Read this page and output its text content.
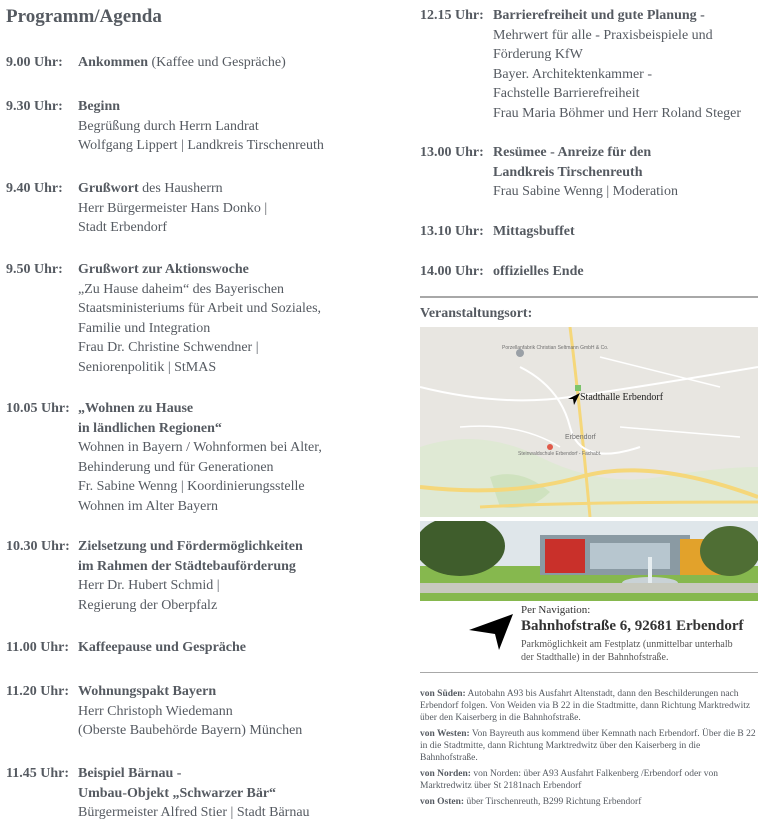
Programm/Agenda
9.00 Uhr: Ankommen (Kaffee und Gespräche)
9.30 Uhr: Beginn
Begrüßung durch Herrn Landrat
Wolfgang Lippert | Landkreis Tirschenreuth
9.40 Uhr: Grußwort des Hausherrn
Herr Bürgermeister Hans Donko |
Stadt Erbendorf
9.50 Uhr: Grußwort zur Aktionswoche
„Zu Hause daheim“ des Bayerischen
Staatsministeriums für Arbeit und Soziales,
Familie und Integration
Frau Dr. Christine Schwendner |
Seniorenpolitik | StMAS
10.05 Uhr: „Wohnen zu Hause
in ländlichen Regionen“
Wohnen in Bayern / Wohnformen bei Alter,
Behinderung und für Generationen
Fr. Sabine Wenng | Koordinierungsstelle
Wohnen im Alter Bayern
10.30 Uhr: Zielsetzung und Fördermöglichkeiten
im Rahmen der Städtebauförderung
Herr Dr. Hubert Schmid |
Regierung der Oberpfalz
11.00 Uhr: Kaffeepause und Gespräche
11.20 Uhr: Wohnungspakt Bayern
Herr Christoph Wiedemann
(Oberste Baubehörde Bayern) München
11.45 Uhr: Beispiel Bärnau -
Umbau-Objekt „Schwarzer Bär“
Bürgermeister Alfred Stier | Stadt Bärnau
12.15 Uhr: Barrierefreiheit und gute Planung -
Mehrwert für alle - Praxisbeispiele und
Förderung KfW
Bayer. Architektenkammer -
Fachstelle Barrierefreiheit
Frau Maria Böhmer und Herr Roland Steger
13.00 Uhr: Resümee - Anreize für den
Landkreis Tirschenreuth
Frau Sabine Wenng | Moderation
13.10 Uhr: Mittagsbuffet
14.00 Uhr: offizielles Ende
Veranstaltungsort:
Stadthalle Erbendorf
Erbendorf
Porzellanfabrik Christian Seltmann GmbH & Co.
Steinwaldschule Erbendorf - Fachabt.
Per Navigation:
Bahnhofstraße 6, 92681 Erbendorf
Parkmöglichkeit am Festplatz (unmittelbar unterhalb
der Stadthalle) in der Bahnhofstraße.

von Süden: Autobahn A93 bis Ausfahrt Altenstadt, dann den Beschilderungen nach Erbendorf folgen. Von Weiden via B 22 in die Stadtmitte, dann Richtung Marktredwitz über den Kaiserberg in die Bahnhofstraße.

von Westen: Von Bayreuth aus kommend über Kemnath nach Erbendorf. Über die B 22 in die Stadtmitte, dann Richtung Marktredwitz über den Kaiserberg in die Bahnhofstraße.

von Norden: von Norden: über A93 Ausfahrt Falkenberg /Erbendorf oder von Marktredwitz über St 2181nach Erbendorf

von Osten: über Tirschenreuth, B299 Richtung Erbendorf
